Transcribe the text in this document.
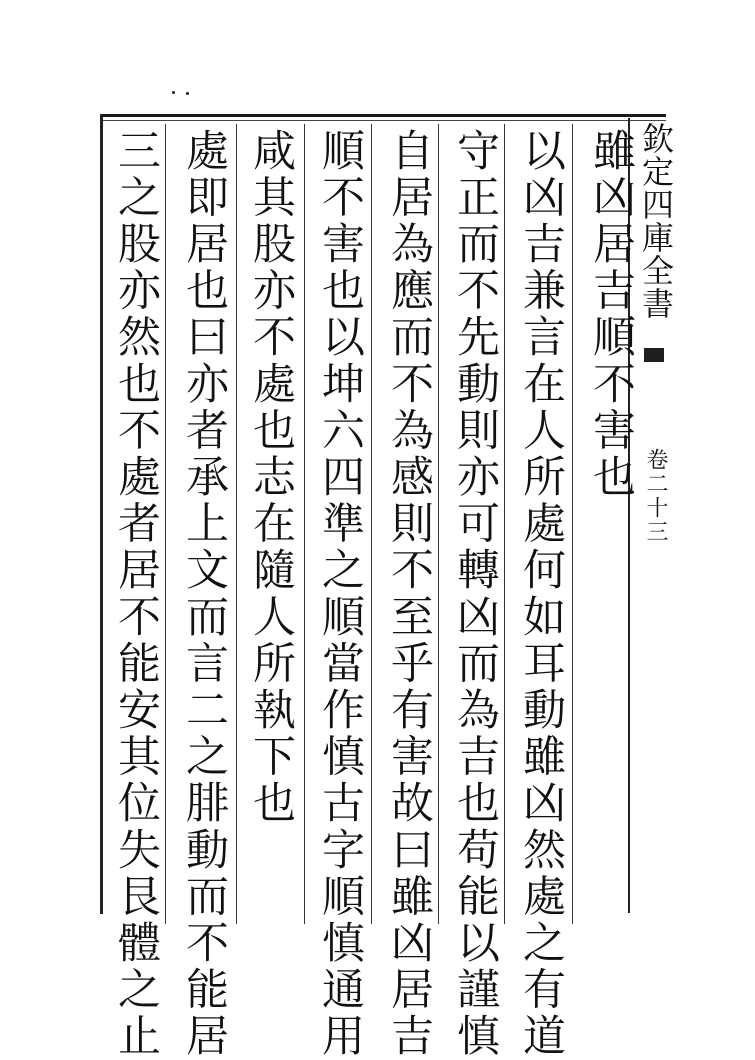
欽定四庫全書
卷二十三
雖凶居吉順不害也
以凶吉兼言在人所處何如耳動雖凶然處之有道
守正而不先動則亦可轉凶而為吉也苟能以謹慎
自居為應而不為感則不至乎有害故曰雖凶居吉
順不害也以坤六四準之順當作慎古字順慎通用
咸其股亦不處也志在隨人所執下也
處即居也曰亦者承上文而言二之腓動而不能居
三之股亦然也不處者居不能安其位失艮體之止
